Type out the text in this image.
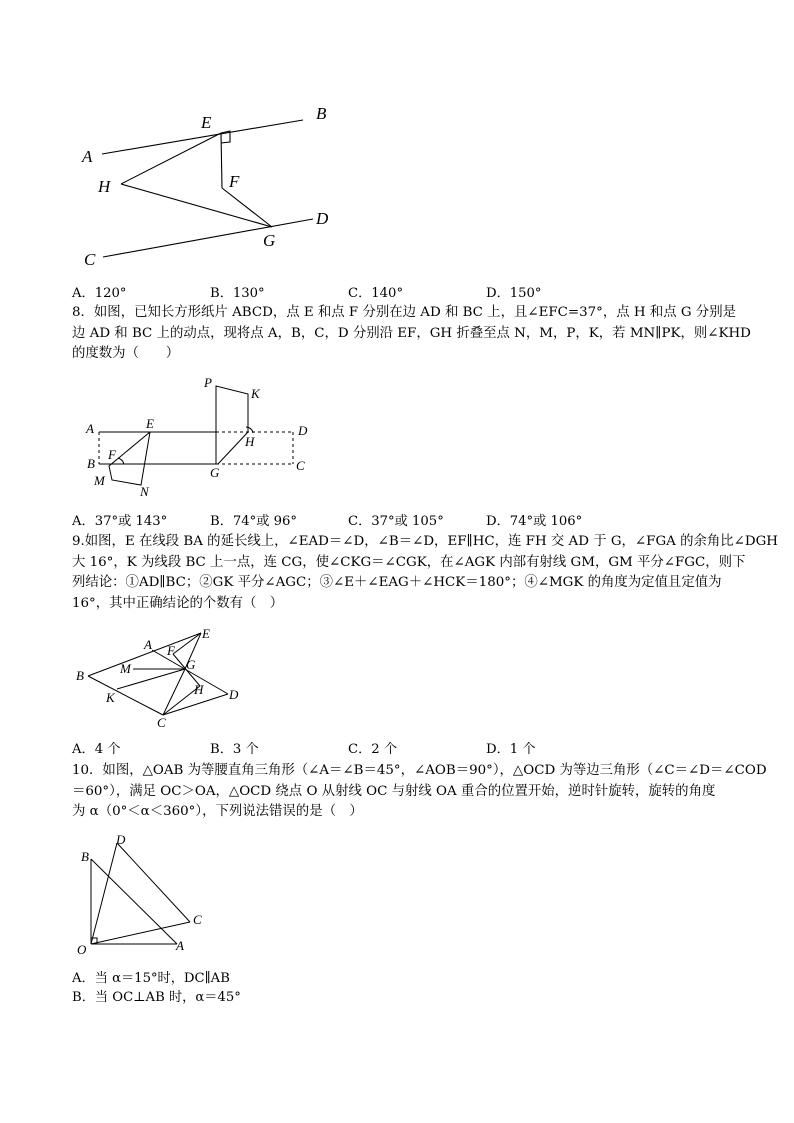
A
B
C
D
E
F
G
H
A．120°	B．130°	C．140°	D．150°

8．如图，已知长方形纸片 ABCD，点 E 和点 F 分别在边 AD 和 BC 上，且∠EFC=37°，点 H 和点 G 分别是

边 AD 和 BC 上的动点，现将点 A，B，C，D 分别沿 EF，GH 折叠至点 N，M，P，K，若 MN∥PK，则∠KHD

的度数为（　　）

P
K
A	E	D
H
F
B
G	C
M
N
A．37°或 143°	B．74°或 96°	C．37°或 105°	D．74°或 106°

9.如图，E 在线段 BA 的延长线上，∠EAD＝∠D，∠B＝∠D，EF∥HC，连 FH 交 AD 于 G，∠FGA 的余角比∠DGH

大 16°，K 为线段 BC 上一点，连 CG，使∠CKG＝∠CGK，在∠AGK 内部有射线 GM，GM 平分∠FGC，则下

列结论：①AD∥BC；②GK 平分∠AGC；③∠E＋∠EAG＋∠HCK＝180°；④∠MGK 的角度为定值且定值为

16°，其中正确结论的个数有（　）

E
A F
M	G
B
H D
K
C
A．4 个	B．3 个	C．2 个	D．1 个

10．如图，△OAB 为等腰直角三角形（∠A＝∠B＝45°，∠AOB＝90°），△OCD 为等边三角形（∠C＝∠D＝∠COD

＝60°），满足 OC＞OA，△OCD 绕点 O 从射线 OC 与射线 OA 重合的位置开始，逆时针旋转，旋转的角度

为 α（0°＜α＜360°），下列说法错误的是（　）

D
B
C
O	A

A．当 α＝15°时，DC∥AB

B．当 OC⊥AB 时，α＝45°
